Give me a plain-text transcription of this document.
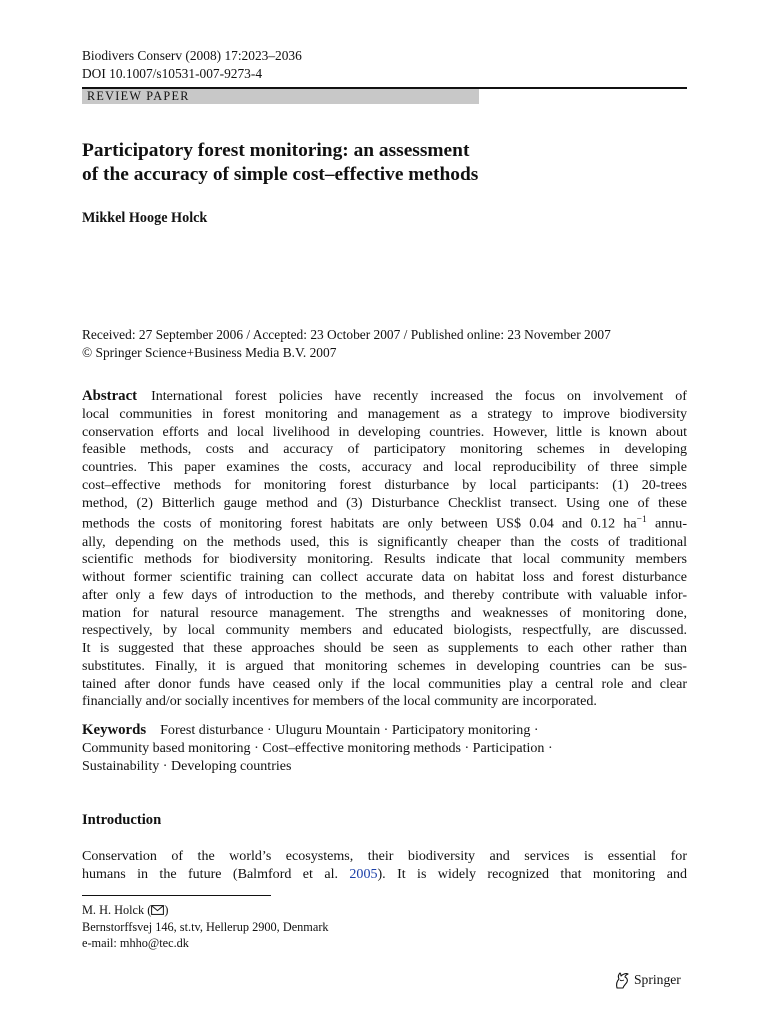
Biodivers Conserv (2008) 17:2023–2036
DOI 10.1007/s10531-007-9273-4
REVIEW PAPER
Participatory forest monitoring: an assessment
of the accuracy of simple cost–effective methods
Mikkel Hooge Holck
Received: 27 September 2006 / Accepted: 23 October 2007 / Published online: 23 November 2007
© Springer Science+Business Media B.V. 2007
Abstract International forest policies have recently increased the focus on involvement of
local communities in forest monitoring and management as a strategy to improve biodiversity
conservation efforts and local livelihood in developing countries. However, little is known about
feasible methods, costs and accuracy of participatory monitoring schemes in developing
countries. This paper examines the costs, accuracy and local reproducibility of three simple
cost–effective methods for monitoring forest disturbance by local participants: (1) 20-trees
method, (2) Bitterlich gauge method and (3) Disturbance Checklist transect. Using one of these
methods the costs of monitoring forest habitats are only between US$ 0.04 and 0.12 $ha^{-1}$ annu-
ally, depending on the methods used, this is significantly cheaper than the costs of traditional
scientific methods for biodiversity monitoring. Results indicate that local community members
without former scientific training can collect accurate data on habitat loss and forest disturbance
after only a few days of introduction to the methods, and thereby contribute with valuable infor-
mation for natural resource management. The strengths and weaknesses of monitoring done,
respectively, by local community members and educated biologists, respectfully, are discussed.
It is suggested that these approaches should be seen as supplements to each other rather than
substitutes. Finally, it is argued that monitoring schemes in developing countries can be sus-
tained after donor funds have ceased only if the local communities play a central role and clear
financially and/or socially incentives for members of the local community are incorporated.
Keywords Forest disturbance · Uluguru Mountain · Participatory monitoring ·
Community based monitoring · Cost–effective monitoring methods · Participation ·
Sustainability · Developing countries
Introduction
Conservation of the world’s ecosystems, their biodiversity and services is essential for
humans in the future (Balmford et al. 2005). It is widely recognized that monitoring and
M. H. Holck ( )
Bernstorffsvej 146, st.tv, Hellerup 2900, Denmark
e-mail: mhho@tec.dk
Springer
